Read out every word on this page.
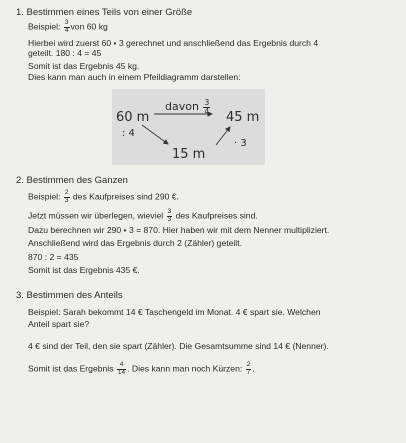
1. Bestimmen eines Teils von einer Größe
Beispiel: $\frac{3}{4}$ von 60 kg
Hierbei wird zuerst 60 • 3 gerechnet und anschließend das Ergebnis durch 4
geteilt. 180 : 4 = 45
Somit ist das Ergebnis 45 kg.
Dies kann man auch in einem Pfeildiagramm darstellen:
davon $\frac{3}{4}$
60 m	45 m
: 4
· 3
15 m
2. Bestimmen des Ganzen
Beispiel: $\frac{2}{3}$ des Kaufpreises sind 290 €.
Jetzt müssen wir überlegen, wieviel $\frac{3}{3}$ des Kaufpreises sind.
Dazu berechnen wir 290 • 3 = 870. Hier haben wir mit dem Nenner multipliziert.
Anschließend wird das Ergebnis durch 2 (Zähler) geteilt.
870 : 2 = 435
Somit ist das Ergebnis 435 €.
3. Bestimmen des Anteils
Beispiel: Sarah bekommt 14 € Taschengeld im Monat. 4 € spart sie. Welchen
Anteil spart sie?
4 € sind der Teil, den sie spart (Zähler). Die Gesamtsumme sind 14 € (Nenner).
Somit ist das Ergebnis $\frac{4}{14}$ . Dies kann man noch Kürzen: $\frac{2}{7}$ .
